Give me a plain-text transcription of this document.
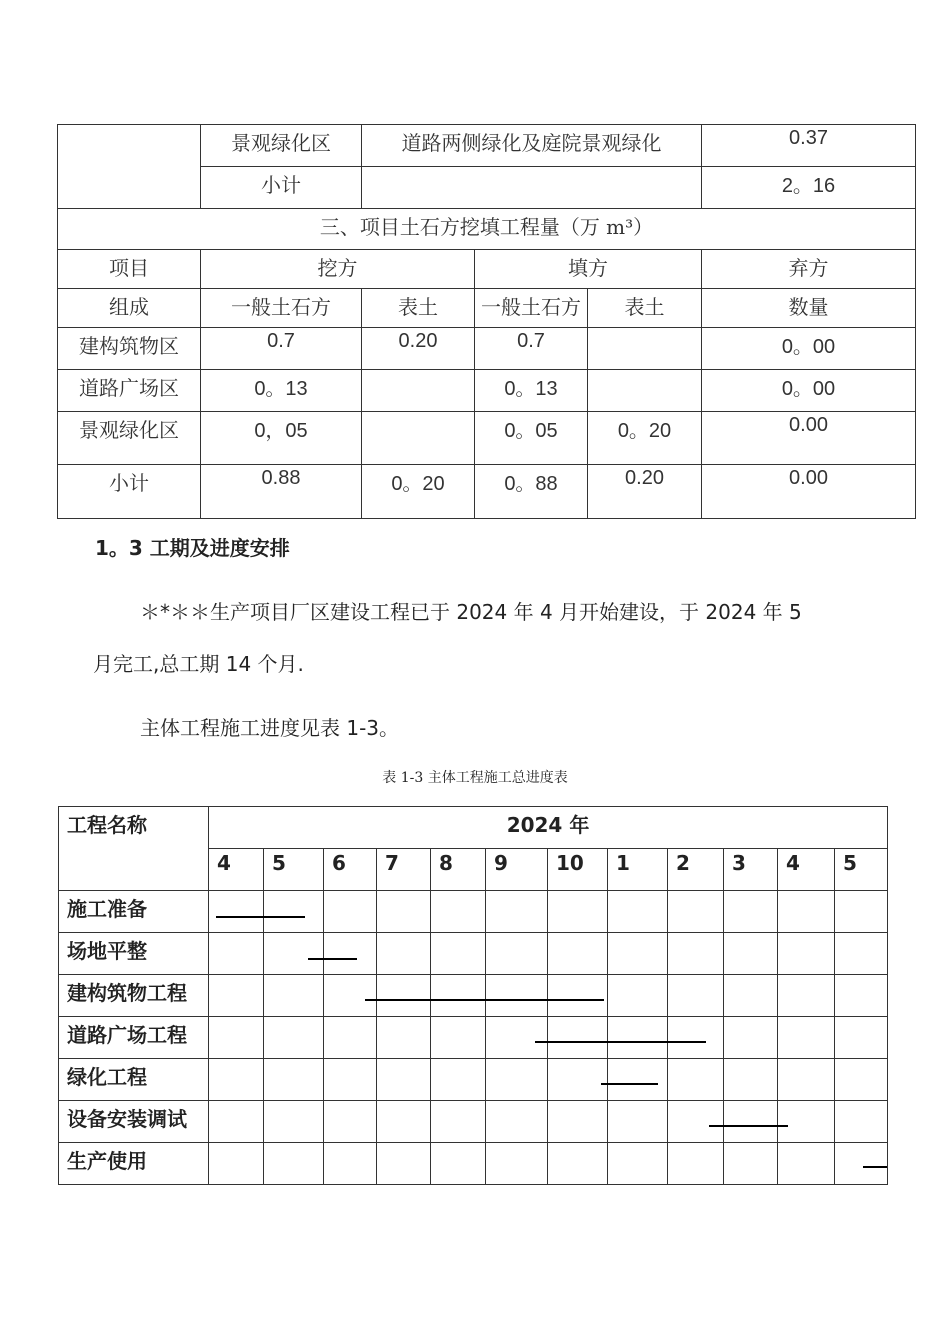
	景观绿化区	道路两侧绿化及庭院景观绿化			0.37
	小计				2。16
三、项目土石方挖填工程量（万 m³）					
项目	挖方		填方		弃方
组成	一般土石方	表土	一般土石方	表土	数量
建构筑物区	0.7	0.20	0.7		0。00
道路广场区	0。13		0。13		0。00
景观绿化区	0，05		0。05	0。20	0.00
小计	0.88	0。20	0。88	0.20	0.00
1。3 工期及进度安排
＊*＊＊生产项目厂区建设工程已于 2024 年 4 月开始建设，于 2024 年 5
月完工,总工期 14 个月.
主体工程施工进度见表 1-3。
表 1-3 主体工程施工总进度表
工程名称	2024 年											
	4	5	6	7	8	9	10	1	2	3	4	5
施工准备												
场地平整												
建构筑物工程												
道路广场工程												
绿化工程												
设备安装调试												
生产使用												
